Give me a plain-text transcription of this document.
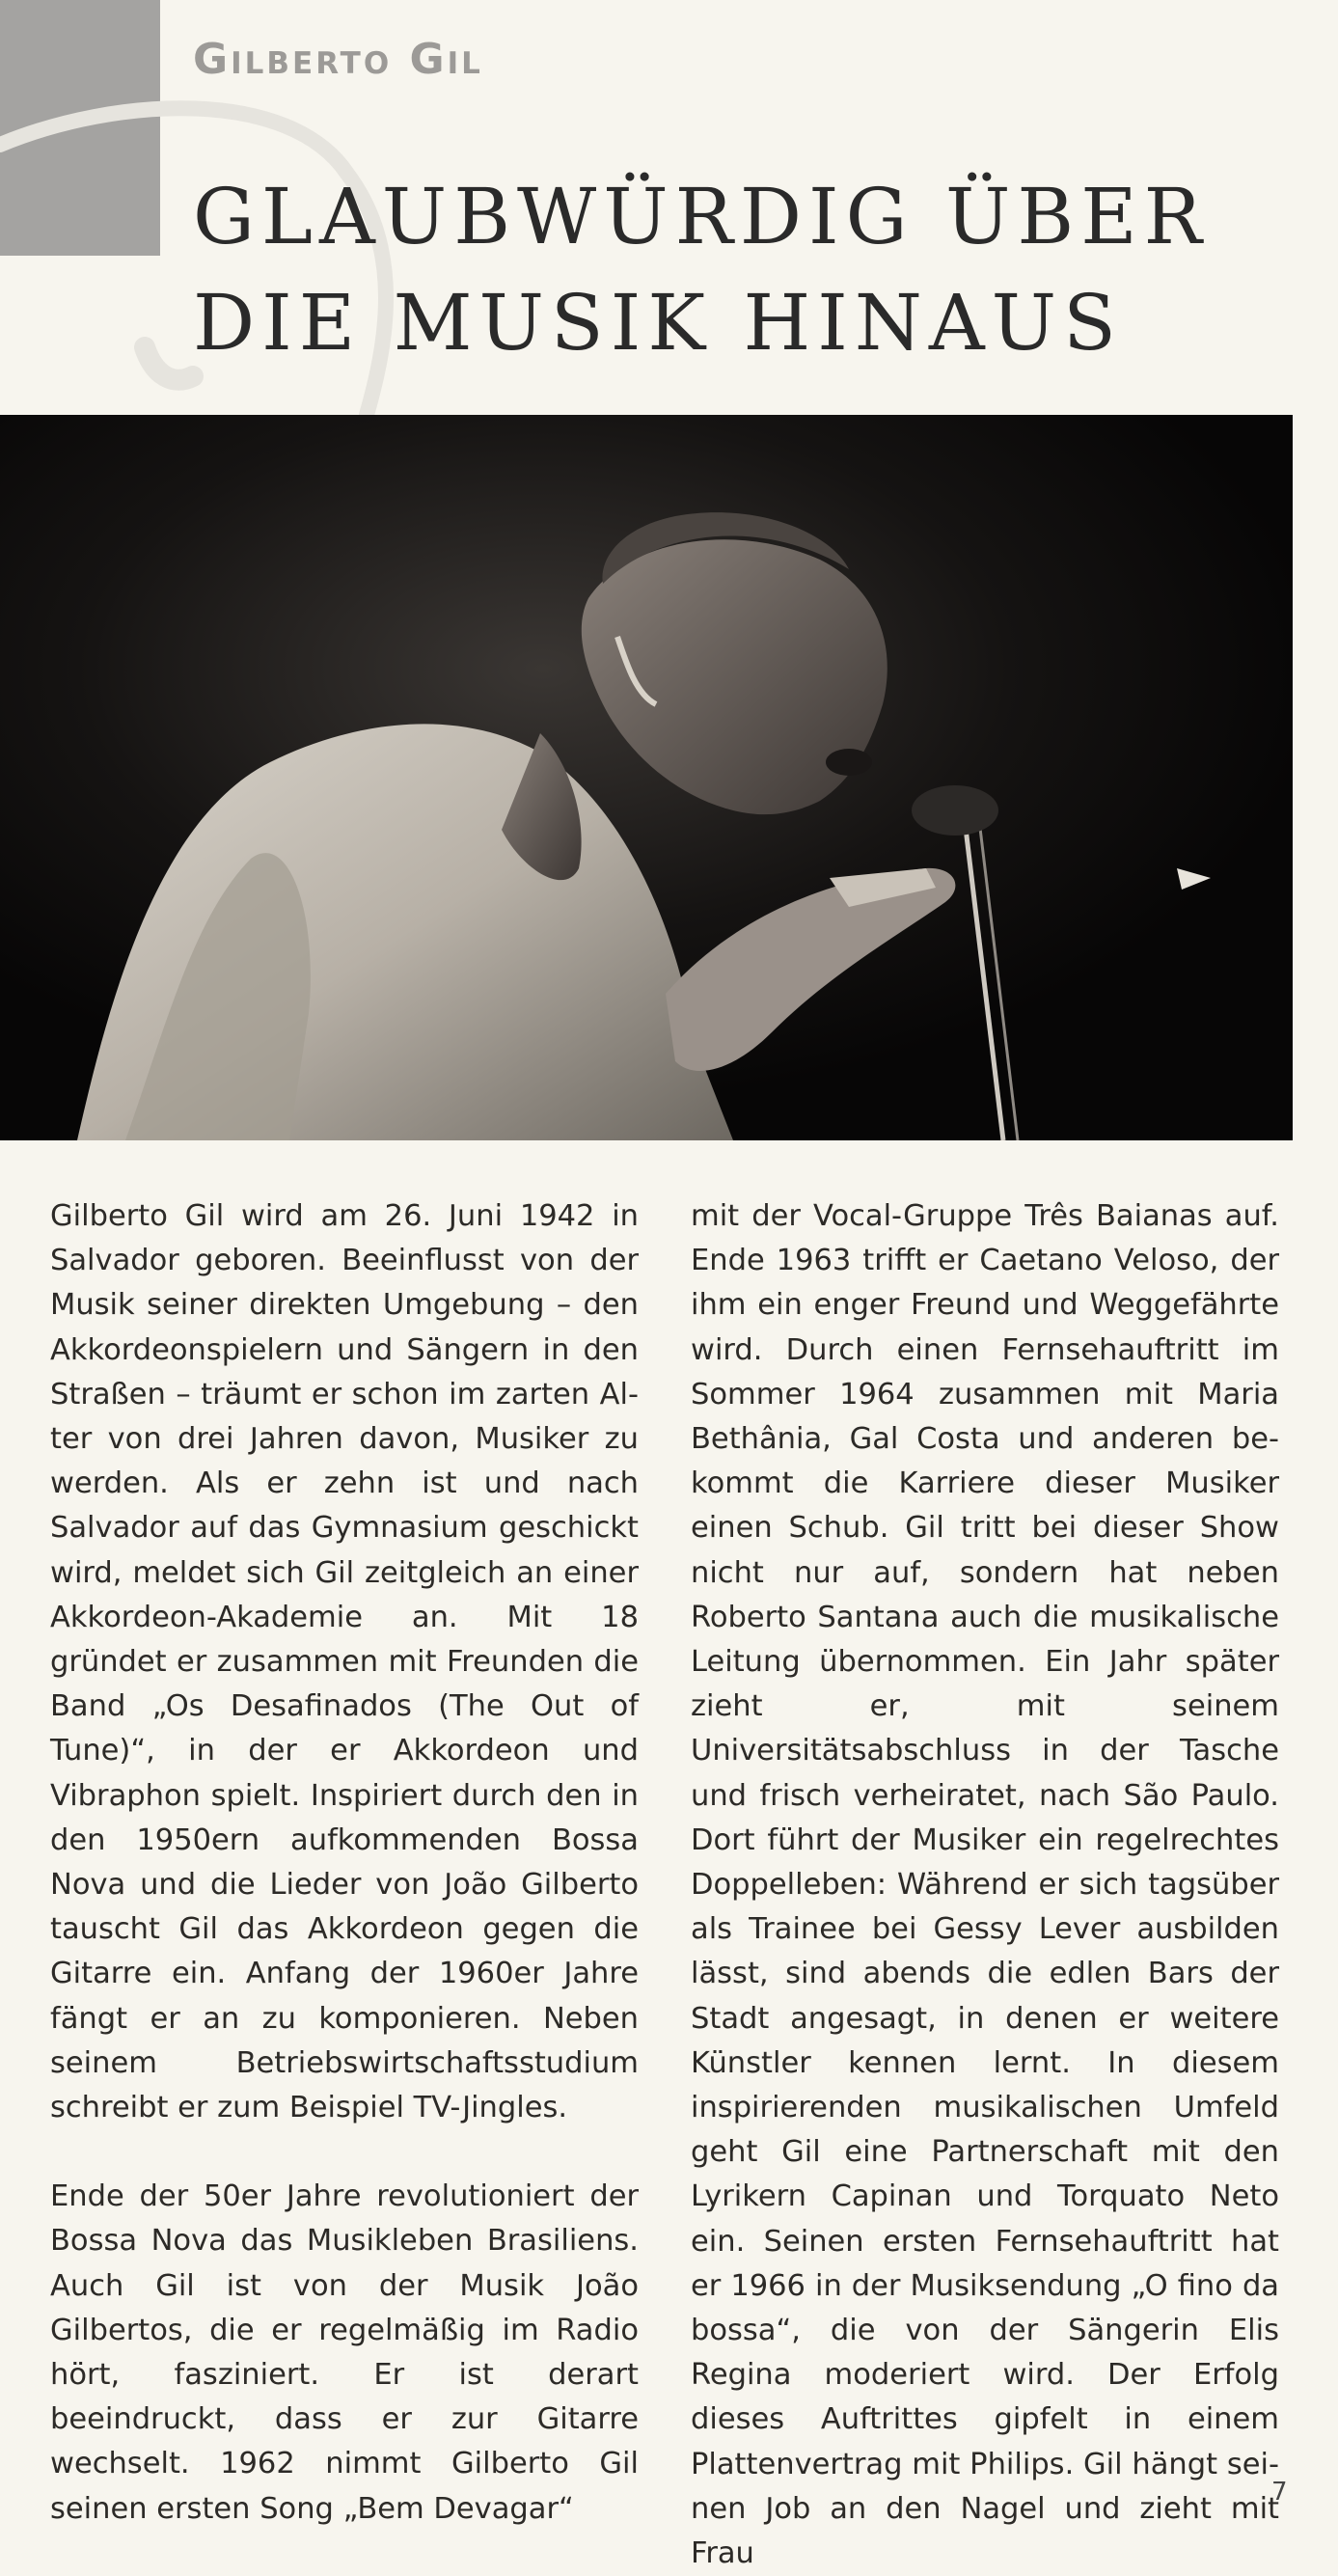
Gilberto Gil
GLAUBWÜRDIG ÜBER
DIE MUSIK HINAUS

Gilberto Gil wird am 26. Juni 1942 in Salvador geboren. Beeinflusst von der Musik seiner direkten Umgebung – den Akkordeonspielern und Sängern in den Straßen – träumt er schon im zarten Alter von drei Jahren davon, Musiker zu werden. Als er zehn ist und nach Salvador auf das Gymnasium geschickt wird, meldet sich Gil zeitgleich an einer Akkordeon-Akademie an. Mit 18 gründet er zusammen mit Freunden die Band „Os Desafinados (The Out of Tune)“, in der er Akkordeon und Vibraphon spielt. Inspiriert durch den in den 1950ern aufkommenden Bossa Nova und die Lieder von João Gilberto tauscht Gil das Akkordeon gegen die Gitarre ein. Anfang der 1960er Jahre fängt er an zu komponieren. Neben seinem Betriebswirtschaftsstudium schreibt er zum Beispiel TV-Jingles.

Ende der 50er Jahre revolutioniert der Bossa Nova das Musikleben Brasiliens. Auch Gil ist von der Musik João Gilbertos, die er regelmäßig im Radio hört, fasziniert. Er ist derart beeindruckt, dass er zur Gitarre wechselt. 1962 nimmt Gilberto Gil seinen ersten Song „Bem Devagar“

mit der Vocal-Gruppe Três Baianas auf. Ende 1963 trifft er Caetano Veloso, der ihm ein enger Freund und Weggefährte wird. Durch einen Fernsehauftritt im Sommer 1964 zusammen mit Maria Bethânia, Gal Costa und anderen bekommt die Karriere dieser Musiker einen Schub. Gil tritt bei dieser Show nicht nur auf, sondern hat neben Roberto Santana auch die musikalische Leitung übernommen. Ein Jahr später zieht er, mit seinem Universitätsabschluss in der Tasche und frisch verheiratet, nach São Paulo. Dort führt der Musiker ein regelrechtes Doppelleben: Während er sich tagsüber als Trainee bei Gessy Lever ausbilden lässt, sind abends die edlen Bars der Stadt angesagt, in denen er weitere Künstler kennen lernt. In diesem inspirierenden musikalischen Umfeld geht Gil eine Partnerschaft mit den Lyrikern Capinan und Torquato Neto ein. Seinen ersten Fernsehauftritt hat er 1966 in der Musiksendung „O fino da bossa“, die von der Sängerin Elis Regina moderiert wird. Der Erfolg dieses Auftrittes gipfelt in einem Plattenvertrag mit Philips. Gil hängt seinen Job an den Nagel und zieht mit Frau

7
